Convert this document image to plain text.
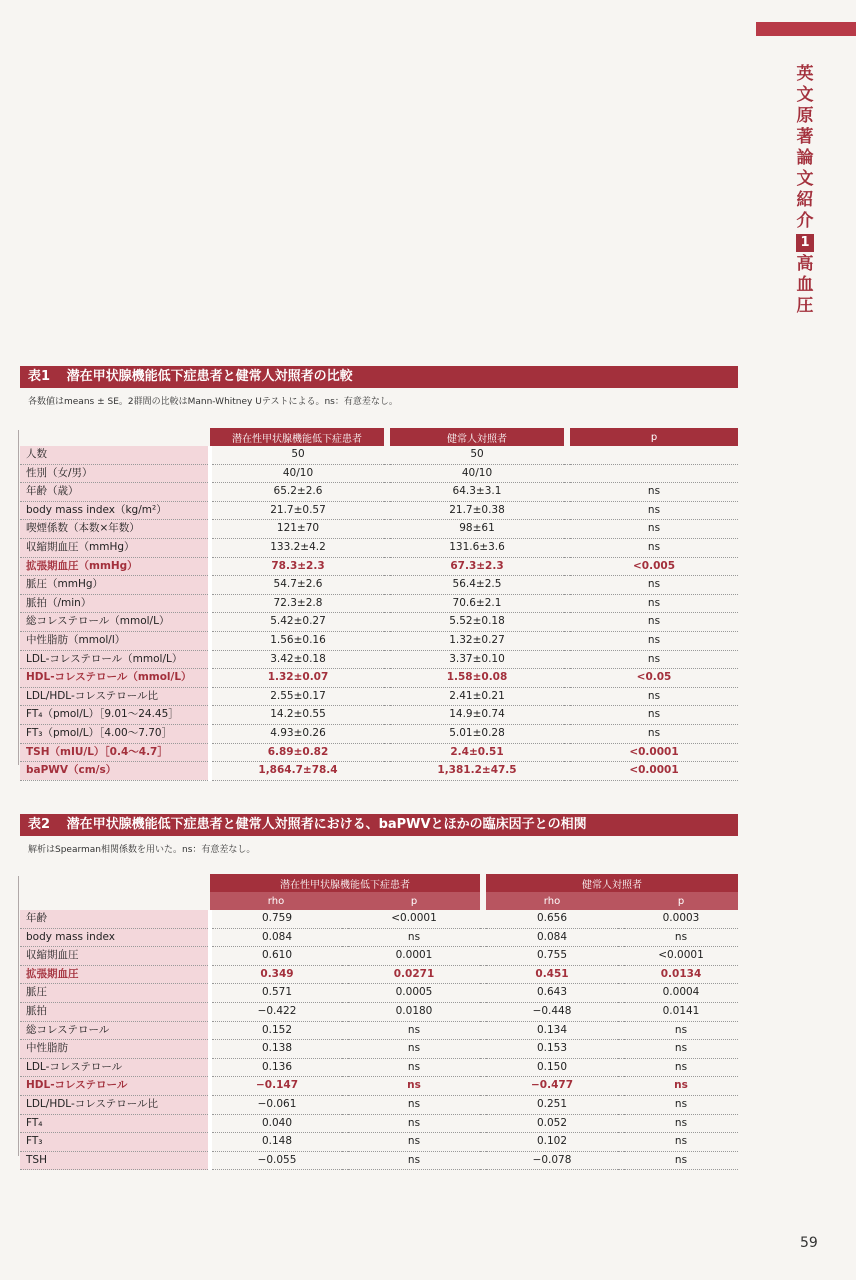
英
文
原
著
論
文
紹
介
1
高
血
圧
59
表1 潜在甲状腺機能低下症患者と健常人対照者の比較
各数値はmeans ± SE。2群間の比較はMann-Whitney Uテストによる。ns：有意差なし。
	潜在性甲状腺機能低下症患者		健常人対照者		p
人数	50		50		
性別（女/男）	40/10		40/10		
年齢（歳）	65.2±2.6		64.3±3.1		ns
body mass index（kg/m²）	21.7±0.57		21.7±0.38		ns
喫煙係数（本数×年数）	121±70		98±61		ns
収縮期血圧（mmHg）	133.2±4.2		131.6±3.6		ns
拡張期血圧（mmHg）	78.3±2.3		67.3±2.3		<0.005
脈圧（mmHg）	54.7±2.6		56.4±2.5		ns
脈拍（/min）	72.3±2.8		70.6±2.1		ns
総コレステロール（mmol/L）	5.42±0.27		5.52±0.18		ns
中性脂肪（mmol/l）	1.56±0.16		1.32±0.27		ns
LDL-コレステロール（mmol/L）	3.42±0.18		3.37±0.10		ns
HDL-コレステロール（mmol/L）	1.32±0.07		1.58±0.08		<0.05
LDL/HDL-コレステロール比	2.55±0.17		2.41±0.21		ns
FT₄（pmol/L）［9.01〜24.45］	14.2±0.55		14.9±0.74		ns
FT₃（pmol/L）［4.00〜7.70］	4.93±0.26		5.01±0.28		ns
TSH（mIU/L）［0.4〜4.7］	6.89±0.82		2.4±0.51		<0.0001
baPWV（cm/s）	1,864.7±78.4		1,381.2±47.5		<0.0001
表2 潜在甲状腺機能低下症患者と健常人対照者における、baPWVとほかの臨床因子との相関
解析はSpearman相関係数を用いた。ns：有意差なし。
	潜在性甲状腺機能低下症患者				健常人対照者		
	rho		p		rho		p
年齢	0.759		<0.0001		0.656		0.0003
body mass index	0.084		ns		0.084		ns
収縮期血圧	0.610		0.0001		0.755		<0.0001
拡張期血圧	0.349		0.0271		0.451		0.0134
脈圧	0.571		0.0005		0.643		0.0004
脈拍	−0.422		0.0180		−0.448		0.0141
総コレステロール	0.152		ns		0.134		ns
中性脂肪	0.138		ns		0.153		ns
LDL-コレステロール	0.136		ns		0.150		ns
HDL-コレステロール	−0.147		ns		−0.477		ns
LDL/HDL-コレステロール比	−0.061		ns		0.251		ns
FT₄	0.040		ns		0.052		ns
FT₃	0.148		ns		0.102		ns
TSH	−0.055		ns		−0.078		ns
